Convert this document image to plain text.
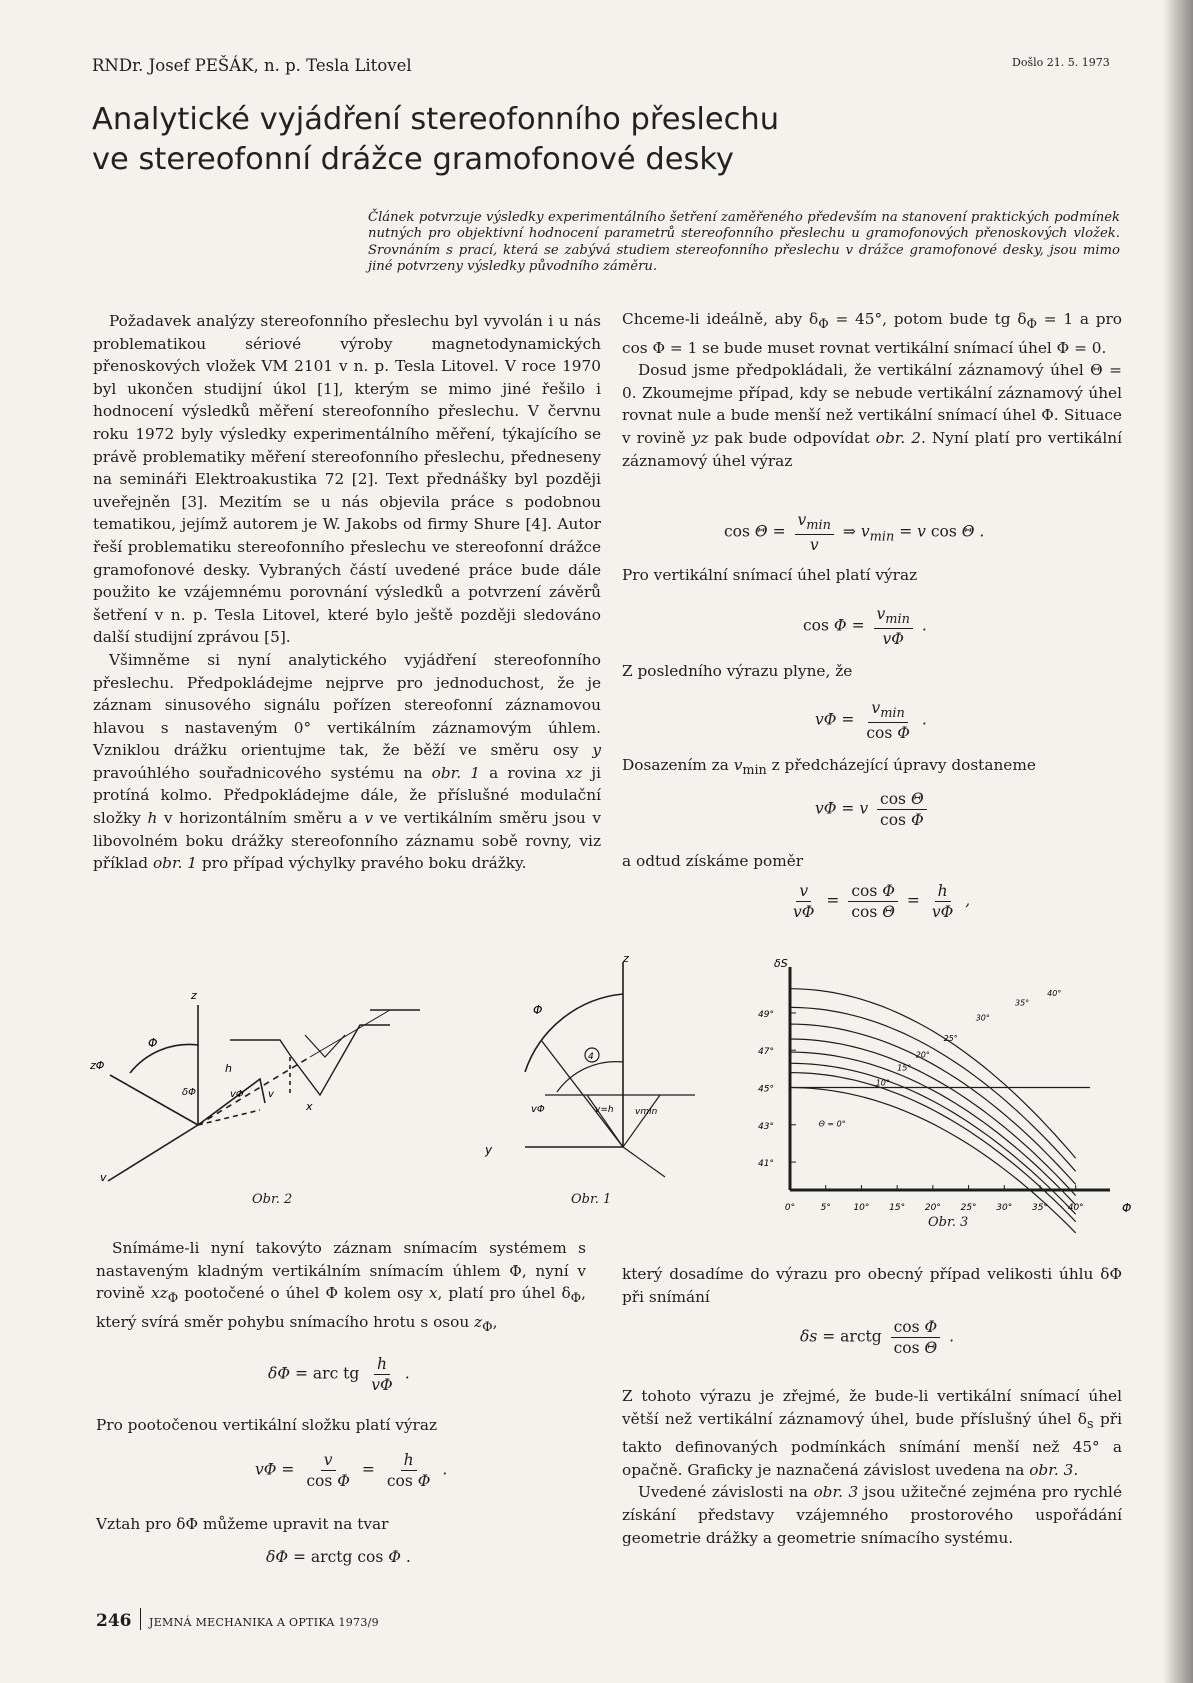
RNDr. Josef PEŠÁK, n. p. Tesla Litovel	Došlo 21. 5. 1973
Analytické vyjádření stereofonního přeslechu
ve stereofonní drážce gramofonové desky
Článek potvrzuje výsledky experimentálního šetření zaměřeného především na stanovení praktických podmínek nutných pro objektivní hodnocení parametrů stereofonního přeslechu u gramofonových přenoskových vložek. Srovnáním s prací, která se zabývá studiem stereofonního přeslechu v drážce gramofonové desky, jsou mimo jiné potvrzeny výsledky původního záměru.

Požadavek analýzy stereofonního přeslechu byl vyvolán i u nás problematikou sériové výroby magnetodynamických přenoskových vložek VM 2101 v n. p. Tesla Litovel. V roce 1970 byl ukončen studijní úkol [1], kterým se mimo jiné řešilo i hodnocení výsledků měření stereofonního přeslechu. V červnu roku 1972 byly výsledky experimentálního měření, týkajícího se právě problematiky měření stereofonního přeslechu, předneseny na semináři Elektroakustika 72 [2]. Text přednášky byl později uveřejněn [3]. Mezitím se u nás objevila práce s podobnou tematikou, jejímž autorem je W. Jakobs od firmy Shure [4]. Autor řeší problematiku stereofonního přeslechu ve stereofonní drážce gramofonové desky. Vybraných částí uvedené práce bude dále použito ke vzájemnému porovnání výsledků a potvrzení závěrů šetření v n. p. Tesla Litovel, které bylo ještě později sledováno další studijní zprávou [5].

Všimněme si nyní analytického vyjádření stereofonního přeslechu. Předpokládejme nejprve pro jednoduchost, že je záznam sinusového signálu pořízen stereofonní záznamovou hlavou s nastaveným 0° vertikálním záznamovým úhlem. Vzniklou drážku orientujme tak, že běží ve směru osy y pravoúhlého souřadnicového systému na obr. 1 a rovina xz ji protíná kolmo. Předpokládejme dále, že příslušné modulační složky h v horizontálním směru a v ve vertikálním směru jsou v libovolném boku drážky stereofonního záznamu sobě rovny, viz příklad obr. 1 pro případ výchylky pravého boku drážky.

Chceme-li ideálně, aby $\delta_\Phi = 45^\circ$, potom bude tg $\delta_\Phi = 1$ a pro cos Φ = 1 se bude muset rovnat vertikální snímací úhel Φ = 0.

Dosud jsme předpokládali, že vertikální záznamový úhel Θ = 0. Zkoumejme případ, kdy se nebude vertikální záznamový úhel rovnat nule a bude menší než vertikální snímací úhel Φ. Situace v rovině yz pak bude odpovídat obr. 2. Nyní platí pro vertikální záznamový úhel výraz

$\cos \Theta = \frac{v_{min}}{v}$ ⇒ $v_{min} = v$ cos Θ .
Pro vertikální snímací úhel platí výraz
$\cos \Phi = \frac{v_{min}}{v\Phi}$ .
Z posledního výrazu plyne, že
$v\Phi = \frac{v_{min}}{\text{cos Φ}}$ .
Dosazením za $v_{min}$ z předcházející úpravy dostaneme
vΦ = v $\frac{\text{cos Θ}}{\text{cos Φ}}$
a odtud získáme poměr
$\frac{v}{v\Phi} = \frac{\text{cos Φ}}{\text{cos Θ}} = \frac{h}{v\Phi}$ ,
z
zΦ
Φ
h
δΦ	vΦ v
x
v
Obr. 2
z
Φ
4
vΦ	v=h vmin
y
Obr. 1
49°
47°
45°
43°
41°
0°	5°	10° 15° 20° 25° 30° 35° 40°
δS
Φ
Θ = 0°
10°
15°
20°
25°
30°
35°
40°
Obr. 3

Snímáme-li nyní takovýto záznam snímacím systémem s nastaveným kladným vertikálním snímacím úhlem Φ, nyní v rovině $xz_\Phi$ pootočené o úhel Φ kolem osy x, platí pro úhel $\delta_\Phi$, který svírá směr pohybu snímacího hrotu s osou $z_\Phi$,

δΦ = arc tg $\frac{h}{v\Phi}$ .
Pro pootočenou vertikální složku platí výraz
$v\Phi = \frac{v}{\text{cos Φ}} = \frac{h}{\text{cos Φ}}$ .
Vztah pro δΦ můžeme upravit na tvar
δΦ = arctg cos Φ .
který dosadíme do výrazu pro obecný případ velikosti úhlu δΦ při snímání
δs = arctg $\frac{\text{cos Φ}}{\text{cos Θ}}$ .

Z tohoto výrazu je zřejmé, že bude-li vertikální snímací úhel větší než vertikální záznamový úhel, bude příslušný úhel $\delta_s$ při takto definovaných podmínkách snímání menší než 45° a opačně. Graficky je naznačená závislost uvedena na obr. 3.

Uvedené závislosti na obr. 3 jsou užitečné zejména pro rychlé získání představy vzájemného prostorového uspořádání geometrie drážky a geometrie snímacího systému.

246 JEMNÁ MECHANIKA A OPTIKA 1973/9
